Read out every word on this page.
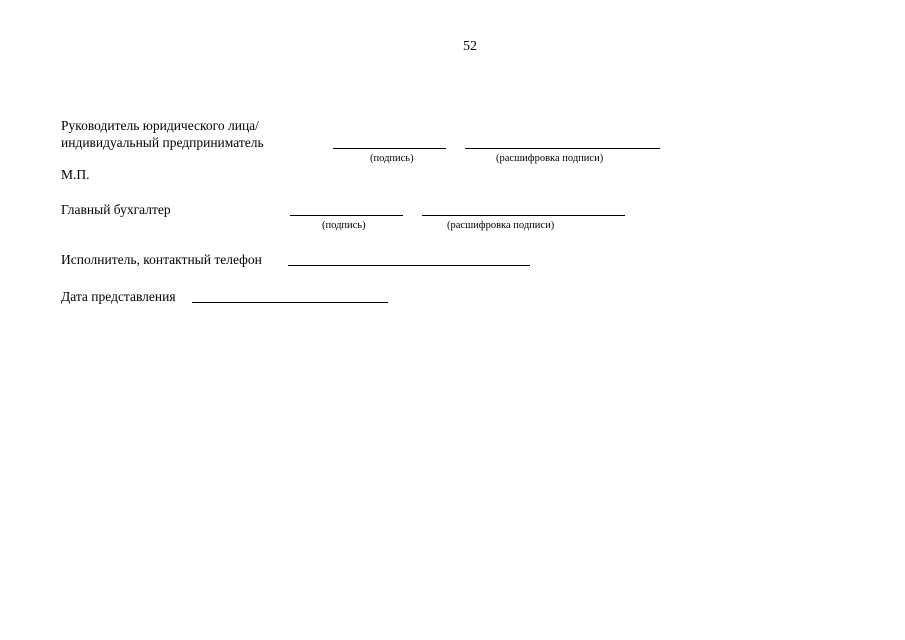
52
Руководитель юридического лица/
индивидуальный предприниматель
(подпись)	(расшифровка подписи)
М.П.
Главный бухгалтер
(подпись)	(расшифровка подписи)
Исполнитель, контактный телефон
Дата представления
